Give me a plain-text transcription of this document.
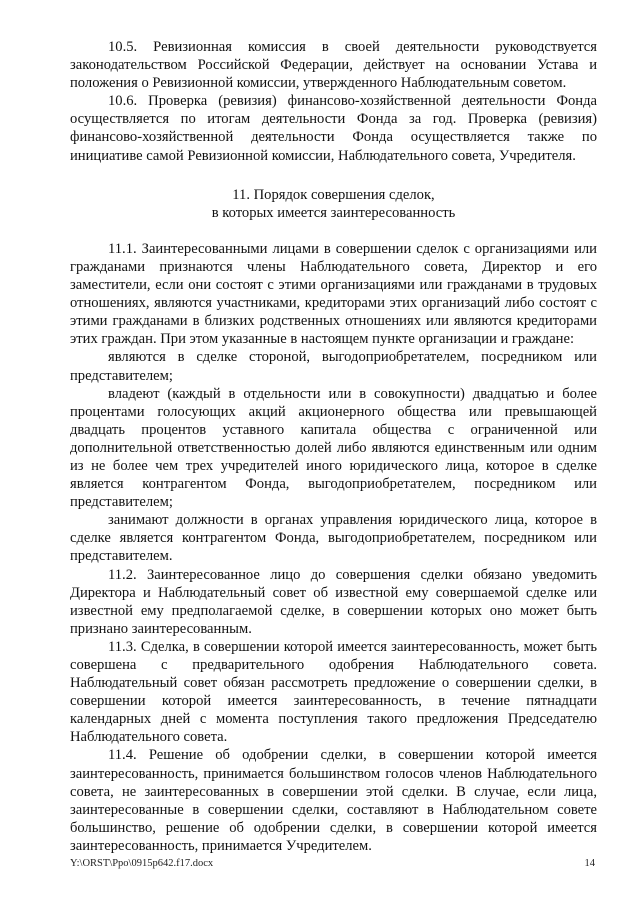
10.5. Ревизионная комиссия в своей деятельности руководствуется законодательством Российской Федерации, действует на основании Устава и положения о Ревизионной комиссии, утвержденного Наблюдательным советом.

10.6. Проверка (ревизия) финансово-хозяйственной деятельности Фонда осуществляется по итогам деятельности Фонда за год. Проверка (ревизия) финансово-хозяйственной деятельности Фонда осуществляется также по инициативе самой Ревизионной комиссии, Наблюдательного совета, Учредителя.

11. Порядок совершения сделок,
в которых имеется заинтересованность

11.1. Заинтересованными лицами в совершении сделок с организациями или гражданами признаются члены Наблюдательного совета, Директор и его заместители, если они состоят с этими организациями или гражданами в трудовых отношениях, являются участниками, кредиторами этих организаций либо состоят с этими гражданами в близких родственных отношениях или являются кредиторами этих граждан. При этом указанные в настоящем пункте организации и граждане:

являются в сделке стороной, выгодоприобретателем, посредником или представителем;

владеют (каждый в отдельности или в совокупности) двадцатью и более процентами голосующих акций акционерного общества или превышающей двадцать процентов уставного капитала общества с ограниченной или дополнительной ответственностью долей либо являются единственным или одним из не более чем трех учредителей иного юридического лица, которое в сделке является контрагентом Фонда, выгодоприобретателем, посредником или представителем;

занимают должности в органах управления юридического лица, которое в сделке является контрагентом Фонда, выгодоприобретателем, посредником или представителем.

11.2. Заинтересованное лицо до совершения сделки обязано уведомить Директора и Наблюдательный совет об известной ему совершаемой сделке или известной ему предполагаемой сделке, в совершении которых оно может быть признано заинтересованным.

11.3. Сделка, в совершении которой имеется заинтересованность, может быть совершена с предварительного одобрения Наблюдательного совета. Наблюдательный совет обязан рассмотреть предложение о совершении сделки, в совершении которой имеется заинтересованность, в течение пятнадцати календарных дней с момента поступления такого предложения Председателю Наблюдательного совета.

11.4. Решение об одобрении сделки, в совершении которой имеется заинтересованность, принимается большинством голосов членов Наблюдательного совета, не заинтересованных в совершении этой сделки. В случае, если лица, заинтересованные в совершении сделки, составляют в Наблюдательном совете большинство, решение об одобрении сделки, в совершении которой имеется заинтересованность, принимается Учредителем.

Y:\ORST\Ppo\0915p642.f17.docx	14
